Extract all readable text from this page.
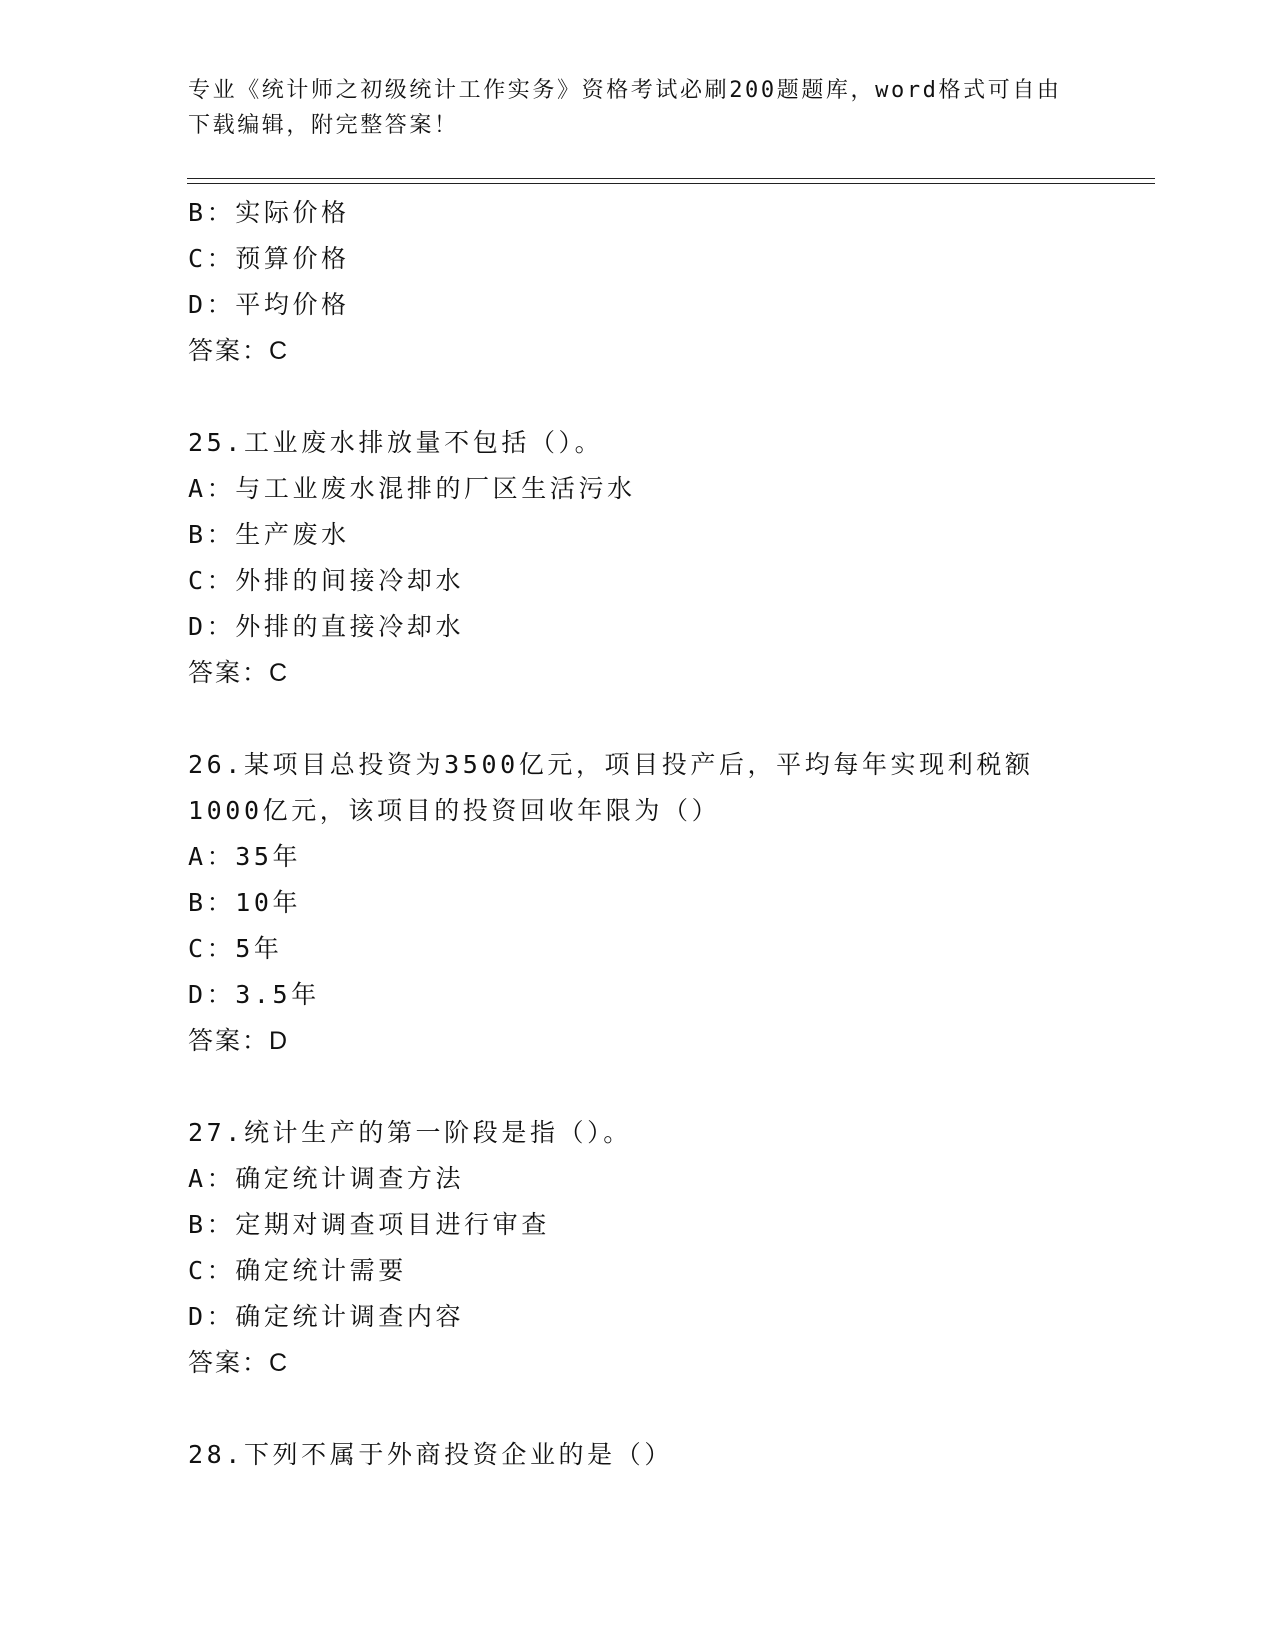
专业《统计师之初级统计工作实务》资格考试必刷200题题库，word格式可自由
下载编辑，附完整答案！
B：实际价格
C：预算价格
D：平均价格
答案：C
25.工业废水排放量不包括（）。
A：与工业废水混排的厂区生活污水
B：生产废水
C：外排的间接冷却水
D：外排的直接冷却水
答案：C
26.某项目总投资为3500亿元，项目投产后，平均每年实现利税额
1000亿元，该项目的投资回收年限为（）
A：35年
B：10年
C：5年
D：3.5年
答案：D
27.统计生产的第一阶段是指（）。
A：确定统计调查方法
B：定期对调查项目进行审查
C：确定统计需要
D：确定统计调查内容
答案：C
28.下列不属于外商投资企业的是（）
